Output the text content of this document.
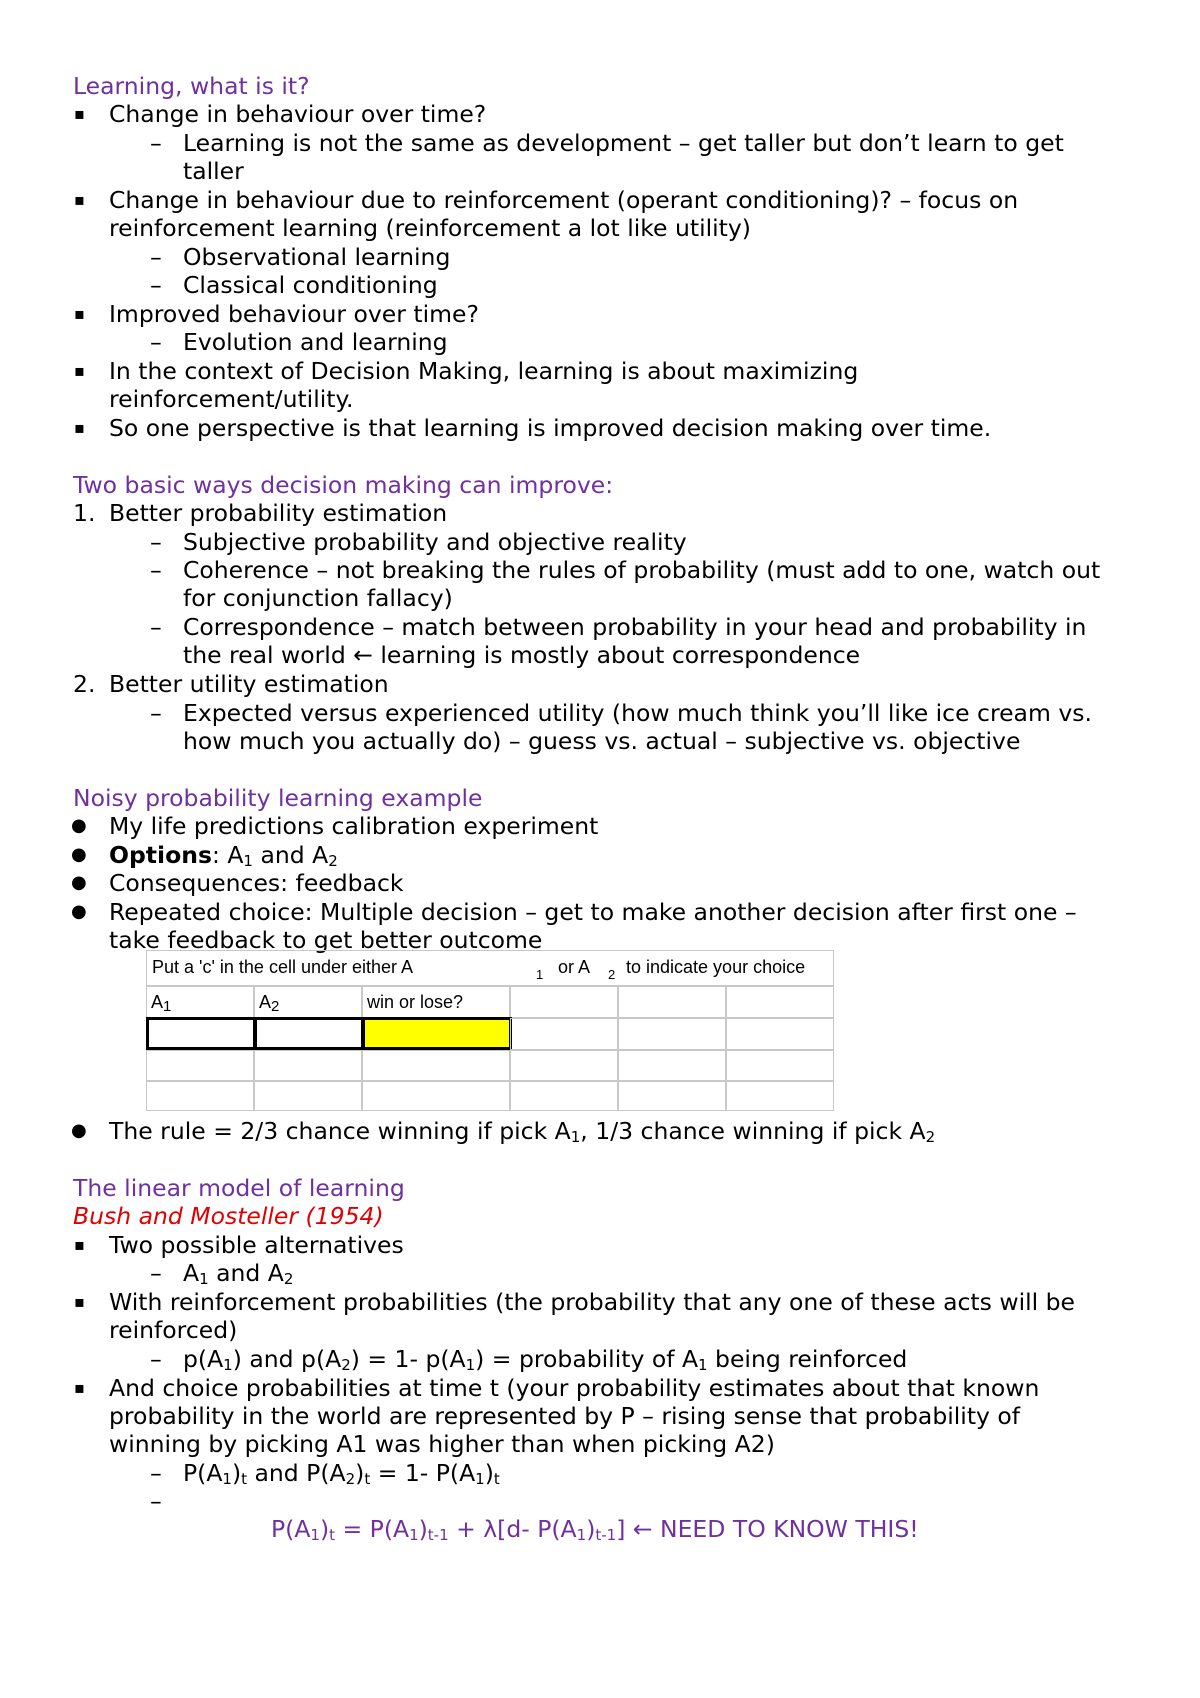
Learning, what is it?
▪ Change in behaviour over time?
– Learning is not the same as development – get taller but don’t learn to get
taller
▪ Change in behaviour due to reinforcement (operant conditioning)? – focus on
reinforcement learning (reinforcement a lot like utility)
– Observational learning
– Classical conditioning
▪ Improved behaviour over time?
– Evolution and learning
▪ In the context of Decision Making, learning is about maximizing
reinforcement/utility.
▪ So one perspective is that learning is improved decision making over time.
Two basic ways decision making can improve:
1. Better probability estimation
– Subjective probability and objective reality
– Coherence – not breaking the rules of probability (must add to one, watch out
for conjunction fallacy)
– Correspondence – match between probability in your head and probability in
the real world ← learning is mostly about correspondence
2. Better utility estimation
– Expected versus experienced utility (how much think you’ll like ice cream vs.
how much you actually do) – guess vs. actual – subjective vs. objective
Noisy probability learning example
● My life predictions calibration experiment
● Options: $A_1$ and $A_2$
● Consequences: feedback
● Repeated choice: Multiple decision – get to make another decision after first one –
take feedback to get better outcome
Put a 'c' in the cell under either A	1 or A 2 to indicate your choice
$A_1$	$A_2$	win or lose?
● The rule = 2/3 chance winning if pick $A_1$, 1/3 chance winning if pick $A_2$
The linear model of learning
Bush and Mosteller (1954)
▪ Two possible alternatives
– $A_1$ and $A_2$
▪ With reinforcement probabilities (the probability that any one of these acts will be
reinforced)
– $p(A_1)$ and $p(A_2) = 1-$ $p(A_1)$ = probability of $A_1$ being reinforced
▪ And choice probabilities at time t (your probability estimates about that known
probability in the world are represented by P – rising sense that probability of
winning by picking A1 was higher than when picking A2)
– $P(A_1)_t$ and $P(A_2)_t = 1-$ $P(A_1)_t$
–
$P(A_1)_t = P(A_1)_{t-1} + \lambda[d-$ $P(A_1)_{t-1}$] ← NEED TO KNOW THIS!
